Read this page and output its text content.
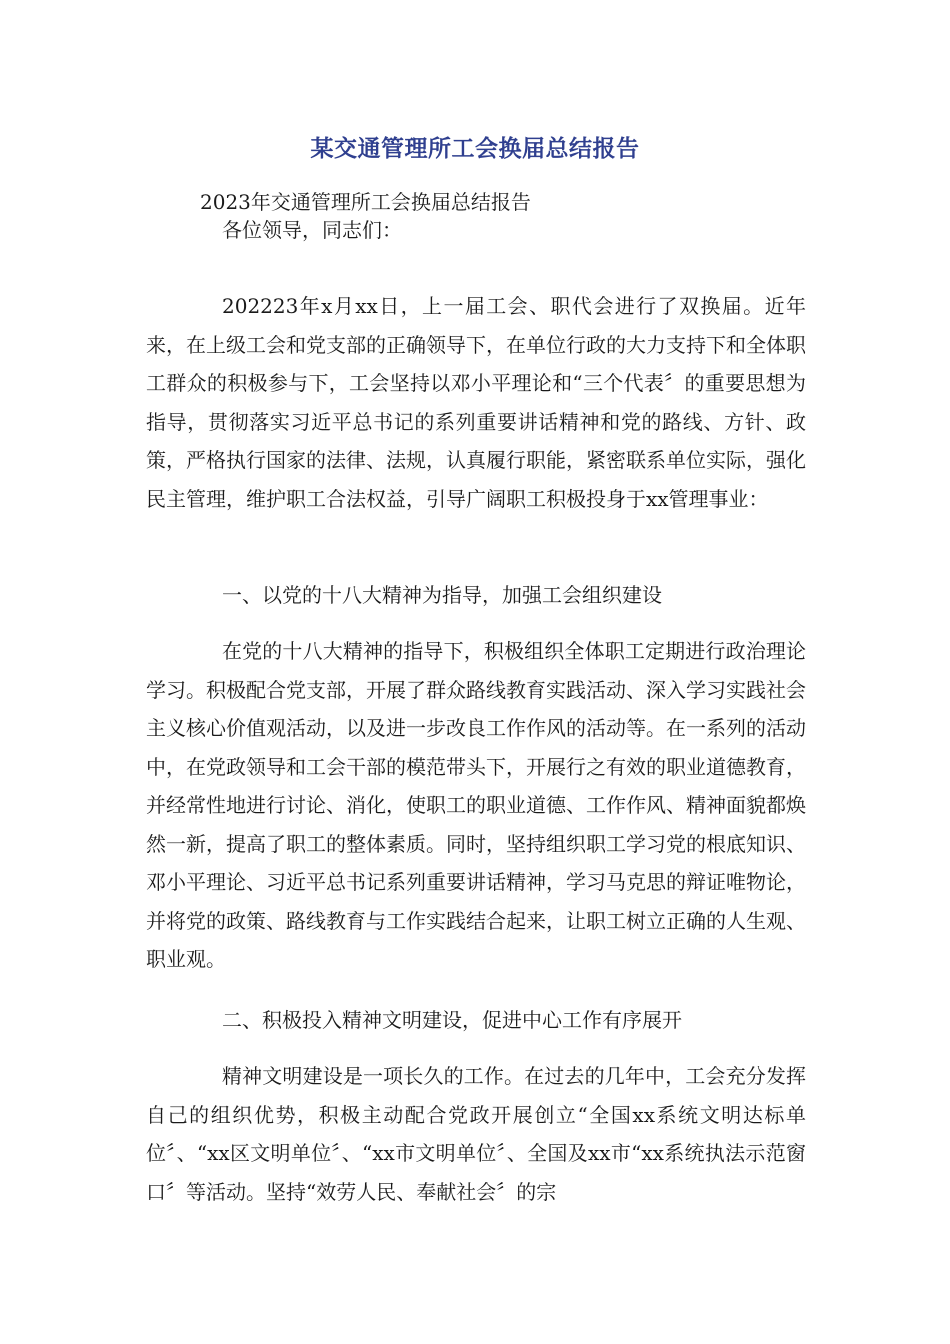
某交通管理所工会换届总结报告
2023年交通管理所工会换届总结报告
各位领导，同志们：
202223年x月xx日，上一届工会、职代会进行了双换届。近年来，在上级工会和党支部的正确领导下，在单位行政的大力支持下和全体职工群众的积极参与下，工会坚持以邓小平理论和“三个代表〞的重要思想为指导，贯彻落实习近平总书记的系列重要讲话精神和党的路线、方针、政策，严格执行国家的法律、法规，认真履行职能，紧密联系单位实际，强化民主管理，维护职工合法权益，引导广阔职工积极投身于xx管理事业：
一、以党的十八大精神为指导，加强工会组织建设
在党的十八大精神的指导下，积极组织全体职工定期进行政治理论学习。积极配合党支部，开展了群众路线教育实践活动、深入学习实践社会主义核心价值观活动，以及进一步改良工作作风的活动等。在一系列的活动中，在党政领导和工会干部的模范带头下，开展行之有效的职业道德教育，并经常性地进行讨论、消化，使职工的职业道德、工作作风、精神面貌都焕然一新，提高了职工的整体素质。同时，坚持组织职工学习党的根底知识、邓小平理论、习近平总书记系列重要讲话精神，学习马克思的辩证唯物论，并将党的政策、路线教育与工作实践结合起来，让职工树立正确的人生观、职业观。
二、积极投入精神文明建设，促进中心工作有序展开
精神文明建设是一项长久的工作。在过去的几年中，工会充分发挥自己的组织优势，积极主动配合党政开展创立“全国xx系统文明达标单位〞、“xx区文明单位〞、“xx市文明单位〞、全国及xx市“xx系统执法示范窗口〞等活动。坚持“效劳人民、奉献社会〞的宗
